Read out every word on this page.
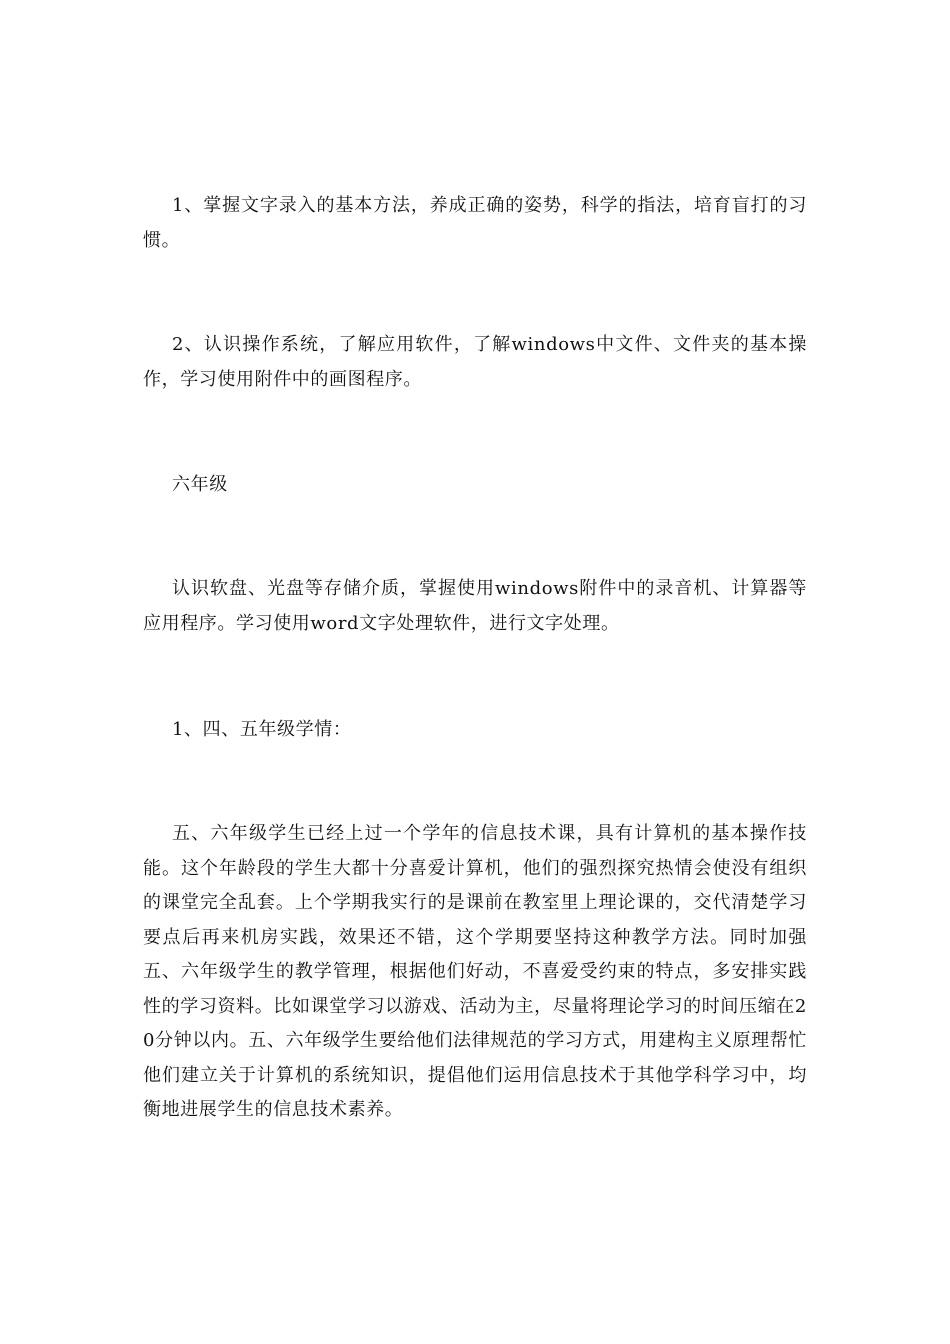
1、掌握文字录入的基本方法，养成正确的姿势，科学的指法，培育盲打的习惯。

2、认识操作系统，了解应用软件，了解windows中文件、文件夹的基本操作，学习使用附件中的画图程序。

六年级

认识软盘、光盘等存储介质，掌握使用windows附件中的录音机、计算器等应用程序。学习使用word文字处理软件，进行文字处理。

1、四、五年级学情：

五、六年级学生已经上过一个学年的信息技术课，具有计算机的基本操作技能。这个年龄段的学生大都十分喜爱计算机，他们的强烈探究热情会使没有组织的课堂完全乱套。上个学期我实行的是课前在教室里上理论课的，交代清楚学习要点后再来机房实践，效果还不错，这个学期要坚持这种教学方法。同时加强五、六年级学生的教学管理，根据他们好动，不喜爱受约束的特点，多安排实践性的学习资料。比如课堂学习以游戏、活动为主，尽量将理论学习的时间压缩在20分钟以内。五、六年级学生要给他们法律规范的学习方式，用建构主义原理帮忙他们建立关于计算机的系统知识，提倡他们运用信息技术于其他学科学习中，均衡地进展学生的信息技术素养。
